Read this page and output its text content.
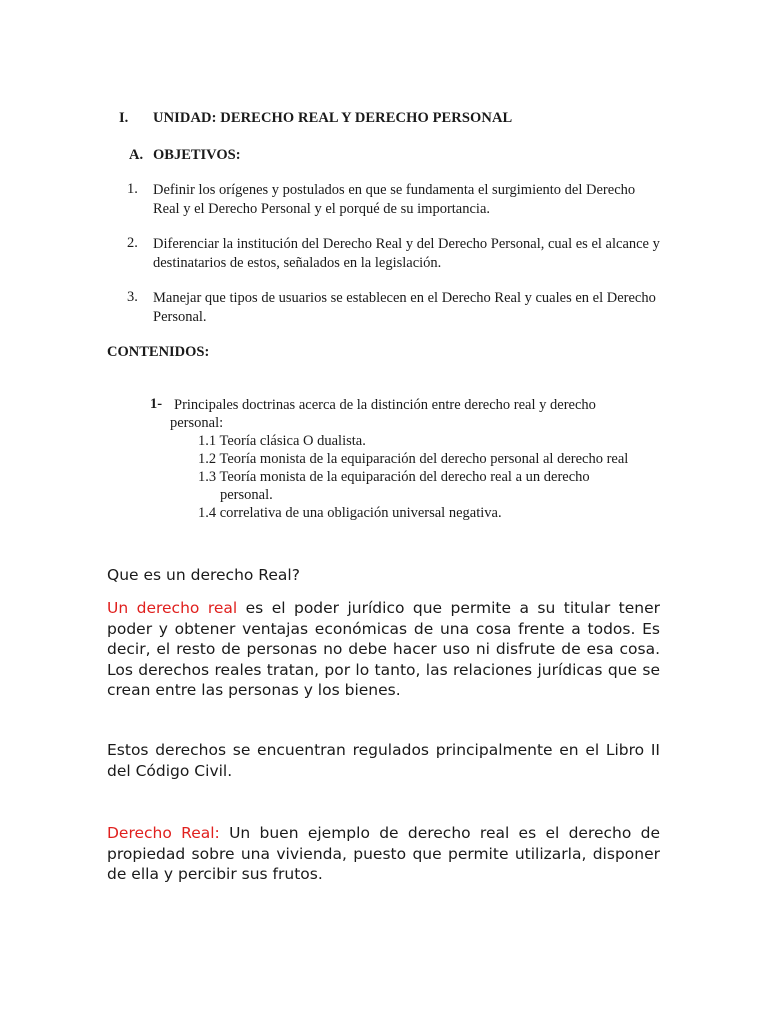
I. UNIDAD: DERECHO REAL Y DERECHO PERSONAL
A. OBJETIVOS:
1. Definir los orígenes y postulados en que se fundamenta el surgimiento del Derecho Real y el Derecho Personal y el porqué de su importancia.
2. Diferenciar la institución del Derecho Real y del Derecho Personal, cual es el alcance y destinatarios de estos, señalados en la legislación.
3. Manejar que tipos de usuarios se establecen en el Derecho Real y cuales en el Derecho Personal.
CONTENIDOS:
1- Principales doctrinas acerca de la distinción entre derecho real y derecho
personal:
1.1 Teoría clásica O dualista.
1.2 Teoría monista de la equiparación del derecho personal al derecho real
1.3 Teoría monista de la equiparación del derecho real a un derecho
personal.
1.4 correlativa de una obligación universal negativa.
Que es un derecho Real?
Un derecho real es el poder jurídico que permite a su titular tener poder y obtener ventajas económicas de una cosa frente a todos. Es decir, el resto de personas no debe hacer uso ni disfrute de esa cosa. Los derechos reales tratan, por lo tanto, las relaciones jurídicas que se crean entre las personas y los bienes.
Estos derechos se encuentran regulados principalmente en el Libro II del Código Civil.
Derecho Real: Un buen ejemplo de derecho real es el derecho de propiedad sobre una vivienda, puesto que permite utilizarla, disponer de ella y percibir sus frutos.
